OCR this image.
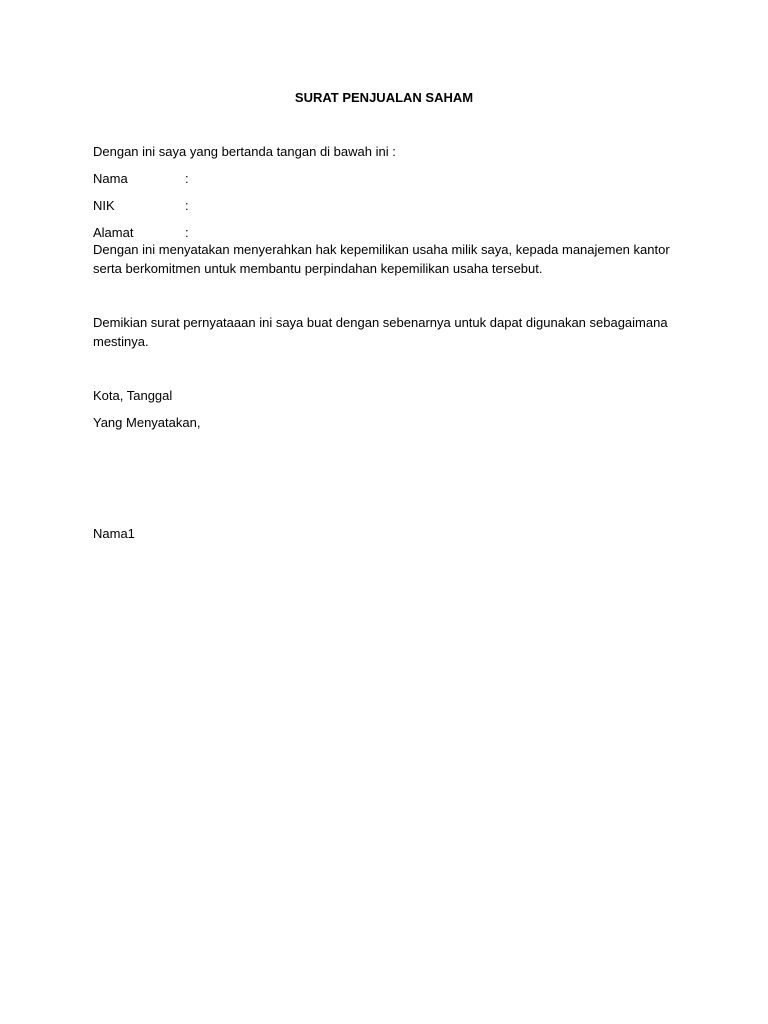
SURAT PENJUALAN SAHAM
Dengan ini saya yang bertanda tangan di bawah ini :
Nama	:
NIK	:
Alamat	:
Dengan ini menyatakan menyerahkan hak kepemilikan usaha milik saya, kepada manajemen kantor
serta berkomitmen untuk membantu perpindahan kepemilikan usaha tersebut.
Demikian surat pernyataaan ini saya buat dengan sebenarnya untuk dapat digunakan sebagaimana
mestinya.
Kota, Tanggal
Yang Menyatakan,
Nama1
